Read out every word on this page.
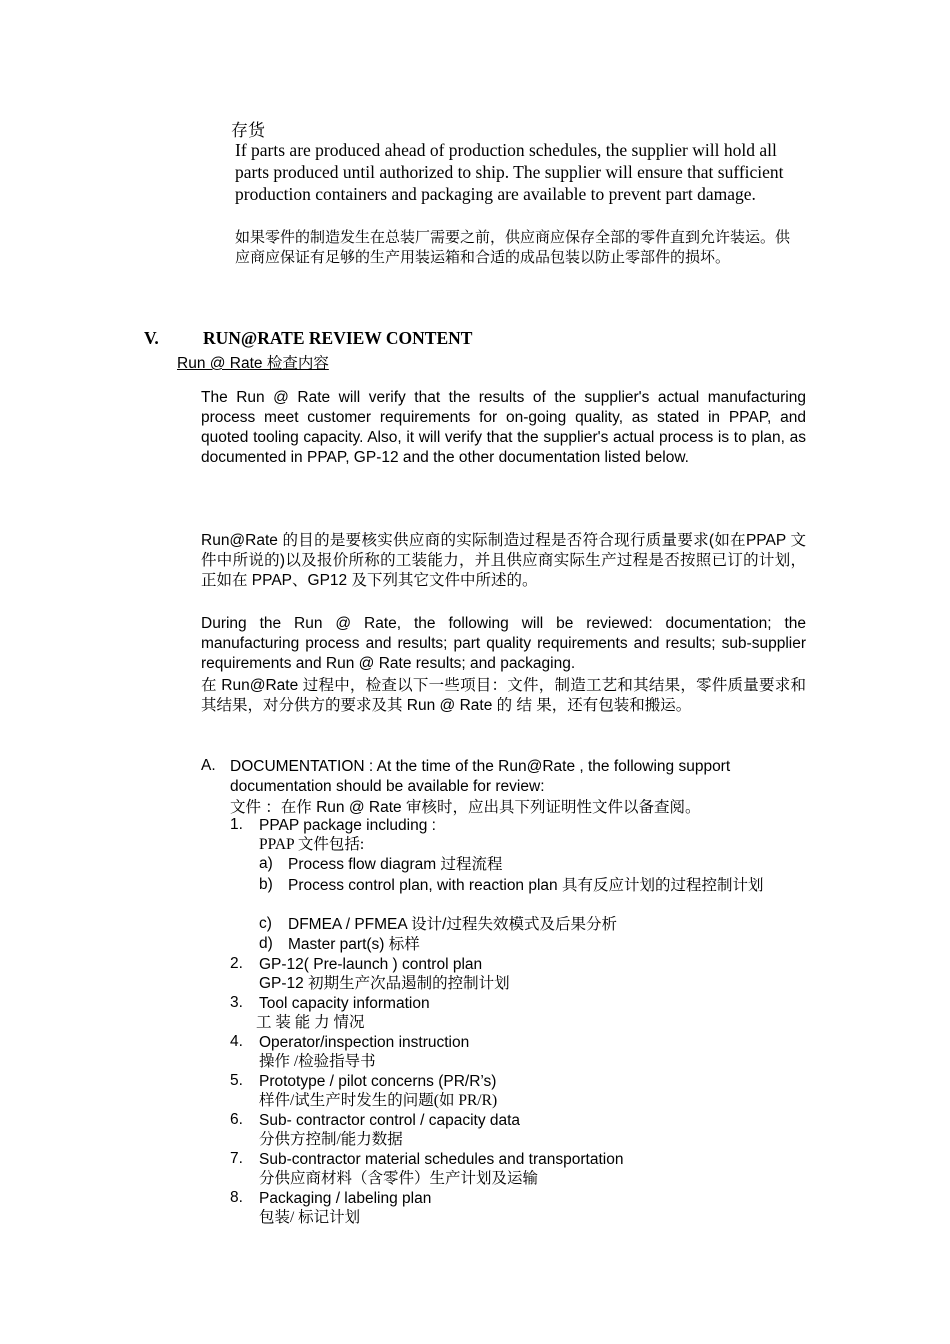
存货
If parts are produced ahead of production schedules, the supplier will hold all parts produced until authorized to ship. The supplier will ensure that sufficient production containers and packaging are available to prevent part damage.
如果零件的制造发生在总装厂需要之前，供应商应保存全部的零件直到允许装运。供应商应保证有足够的生产用装运箱和合适的成品包装以防止零部件的损坏。
V.	RUN@RATE REVIEW CONTENT
Run @ Rate 检查内容
The Run @ Rate will verify that the results of the supplier's actual manufacturing process meet customer requirements for on-going quality, as stated in PPAP, and quoted tooling capacity. Also, it will verify that the supplier's actual process is to plan, as documented in PPAP, GP-12 and the other documentation listed below.
Run@Rate 的目的是要核实供应商的实际制造过程是否符合现行质量要求(如在PPAP 文件中所说的)以及报价所称的工装能力，并且供应商实际生产过程是否按照已订的计划，正如在 PPAP、GP12 及下列其它文件中所述的。
During the Run @ Rate, the following will be reviewed: documentation; the manufacturing process and results; part quality requirements and results; sub-supplier requirements and Run @ Rate results; and packaging.
在 Run@Rate 过程中，检查以下一些项目：文件，制造工艺和其结果，零件质量要求和其结果，对分供方的要求及其 Run @ Rate 的 结 果，还有包装和搬运。
A. DOCUMENTATION : At the time of the Run@Rate , the following support documentation should be available for review:
文件 ：在作 Run @ Rate 审核时，应出具下列证明性文件以备查阅。
1. PPAP package including :
PPAP 文件包括:
a) Process flow diagram 过程流程
b) Process control plan, with reaction plan 具有反应计划的过程控制计划
c) DFMEA / PFMEA 设计/过程失效模式及后果分析
d) Master part(s) 标样
2. GP-12( Pre-launch ) control plan
GP-12 初期生产次品遏制的控制计划
3. Tool capacity information
工 装 能 力 情况
4. Operator/inspection instruction
操作 /检验指导书
5. Prototype / pilot concerns (PR/R’s)
样件/试生产时发生的问题(如 PR/R)
6. Sub- contractor control / capacity data
分供方控制/能力数据
7. Sub-contractor material schedules and transportation
分供应商材料（含零件）生产计划及运输
8. Packaging / labeling plan
包装/ 标记计划
